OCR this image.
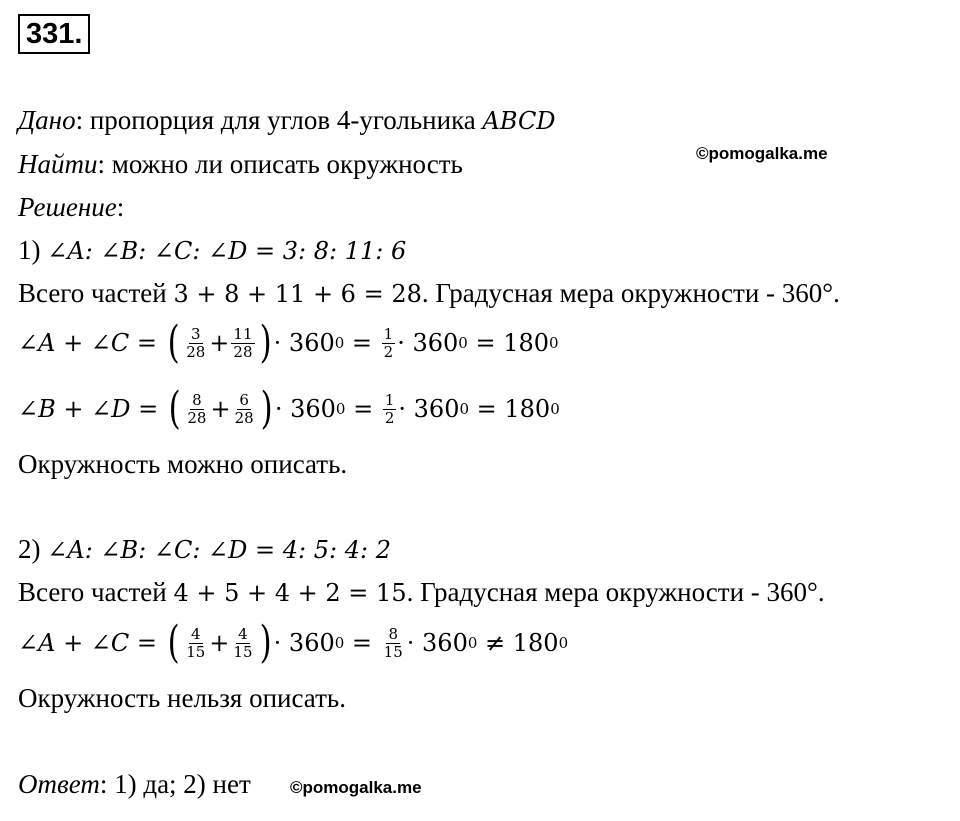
331.
©pomogalka.me
Дано: пропорция для углов 4-угольника ABCD
Найти: можно ли описать окружность
Решение:
1) ∠A: ∠B: ∠C: ∠D = 3: 8: 11: 6
Всего частей 3 + 8 + 11 + 6 = 28. Градусная мера окружности - 360°.
∠A + ∠C = ( $\frac{3}{28} + \frac{11}{28}$ ) · 360 $0 = \frac{1}{2} \cdot 360$ 0 = 180 0
∠B + ∠D = ( $\frac{8}{28} + \frac{6}{28}$ ) · 360 $0 = \frac{1}{2} \cdot 360$ 0 = 180 0
Окружность можно описать.
2) ∠A: ∠B: ∠C: ∠D = 4: 5: 4: 2
Всего частей 4 + 5 + 4 + 2 = 15. Градусная мера окружности - 360°.
∠A + ∠C = ( $\frac{4}{15} + \frac{4}{15}$ ) · 360 $0 = \frac{8}{15} \cdot 360$ 0 ≠ 180 0
Окружность нельзя описать.
Ответ: 1) да; 2) нет ©pomogalka.me
